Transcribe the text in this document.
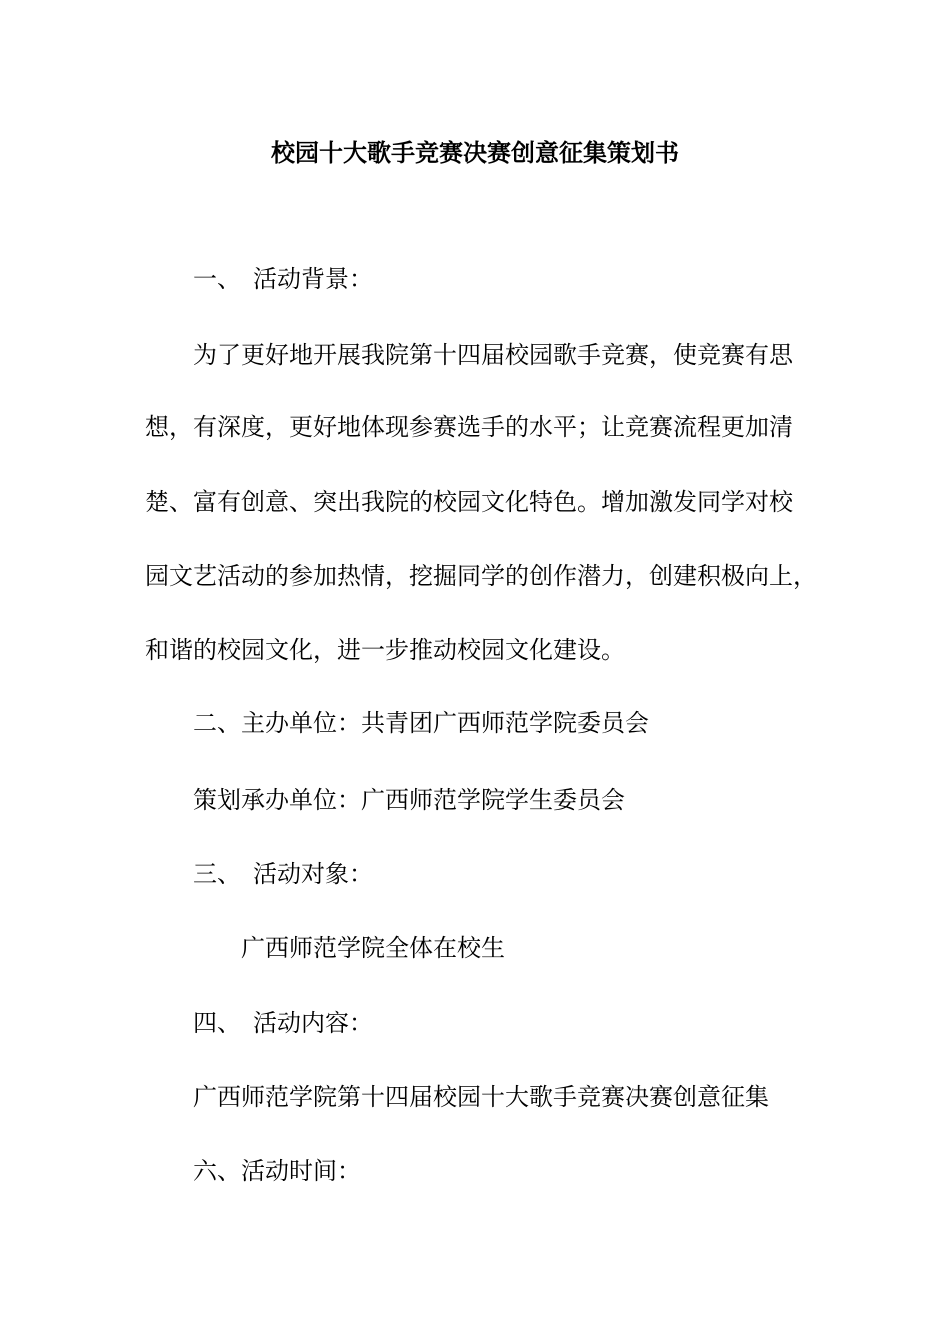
校园十大歌手竞赛决赛创意征集策划书
一、 活动背景：
为了更好地开展我院第十四届校园歌手竞赛，使竞赛有思
想，有深度，更好地体现参赛选手的水平；让竞赛流程更加清
楚、富有创意、突出我院的校园文化特色。增加激发同学对校
园文艺活动的参加热情，挖掘同学的创作潜力，创建积极向上，
和谐的校园文化，进一步推动校园文化建设。
二、主办单位：共青团广西师范学院委员会
策划承办单位：广西师范学院学生委员会
三、 活动对象：
广西师范学院全体在校生
四、 活动内容：
广西师范学院第十四届校园十大歌手竞赛决赛创意征集
六、活动时间：
